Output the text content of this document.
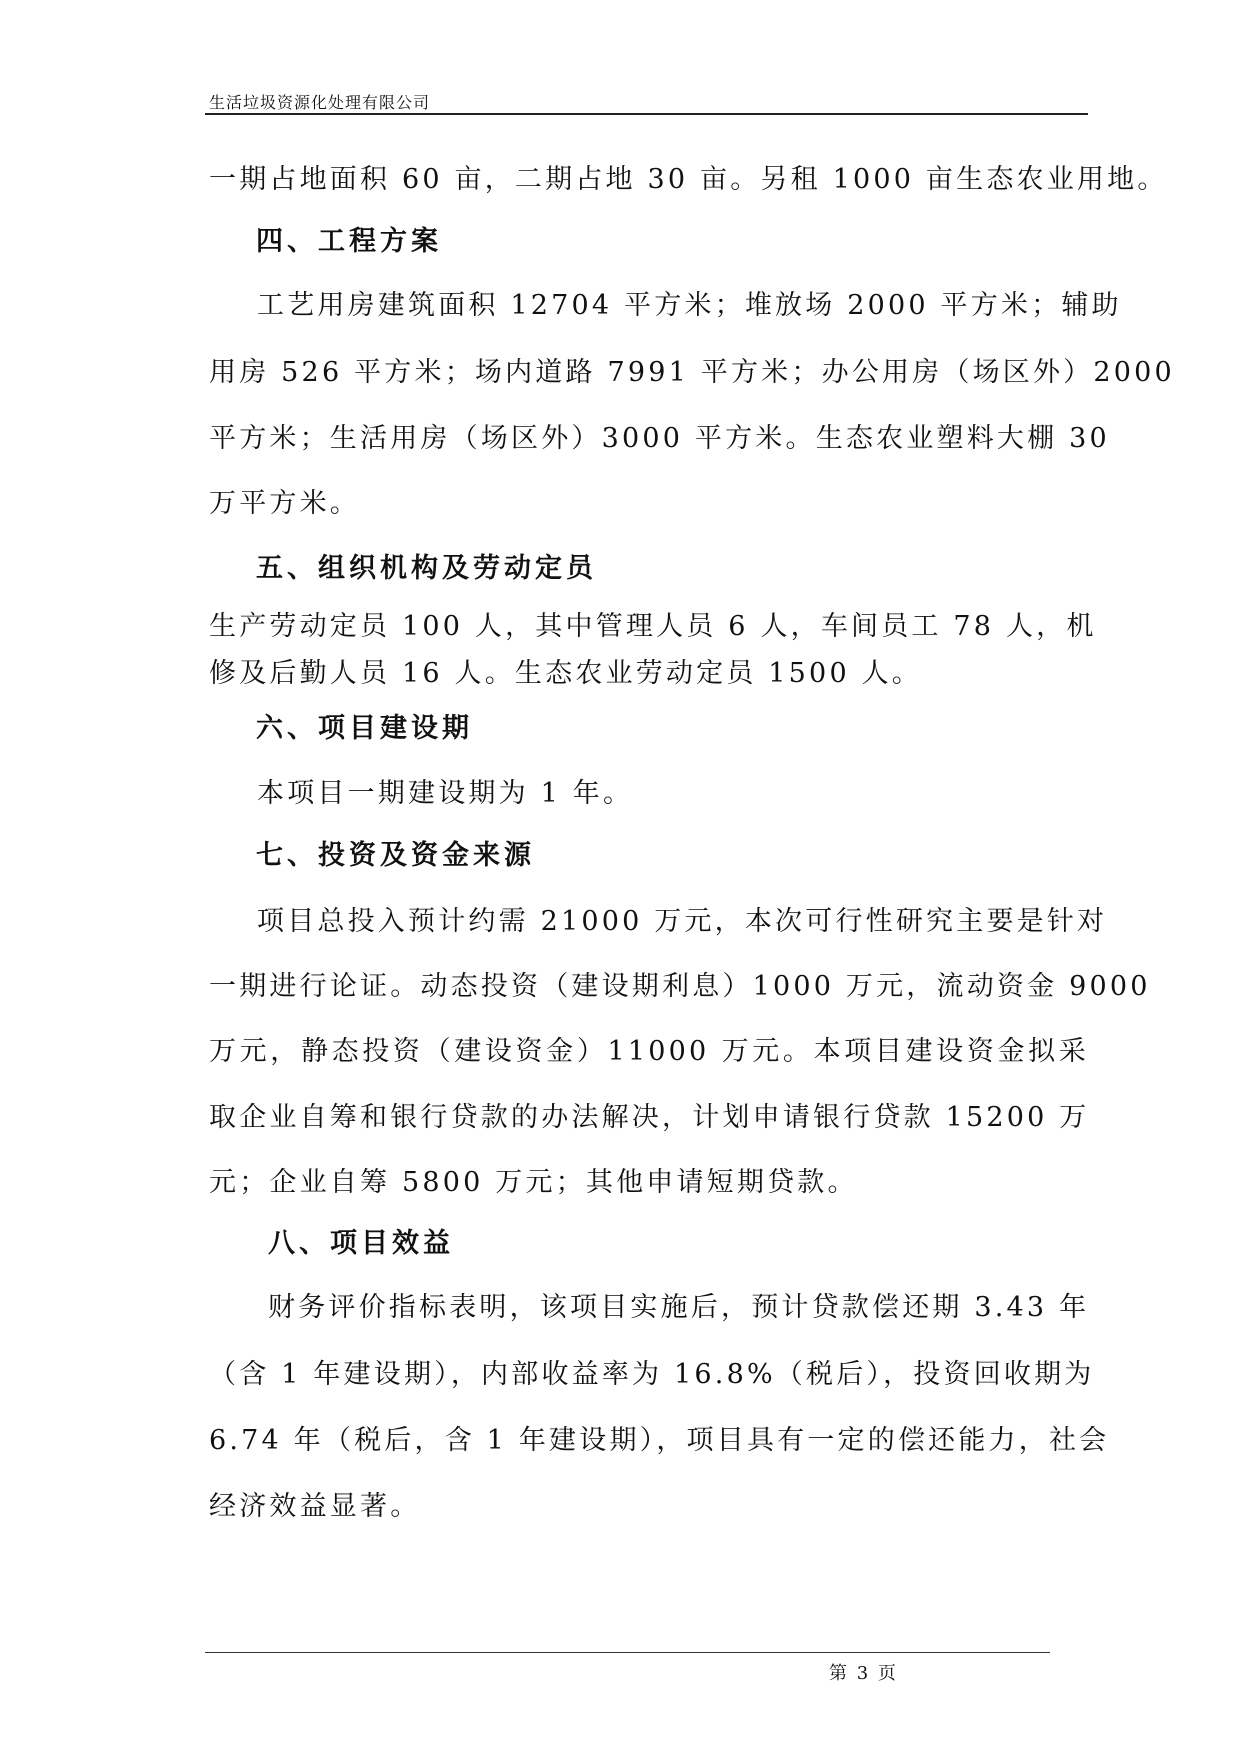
生活垃圾资源化处理有限公司
一期占地面积 60 亩，二期占地 30 亩。另租 1000 亩生态农业用地。
四、工程方案
工艺用房建筑面积 12704 平方米；堆放场 2000 平方米；辅助
用房 526 平方米；场内道路 7991 平方米；办公用房（场区外）2000
平方米；生活用房（场区外）3000 平方米。生态农业塑料大棚 30
万平方米。
五、组织机构及劳动定员
生产劳动定员 100 人，其中管理人员 6 人，车间员工 78 人，机
修及后勤人员 16 人。生态农业劳动定员 1500 人。
六、项目建设期
本项目一期建设期为 1 年。
七、投资及资金来源
项目总投入预计约需 21000 万元，本次可行性研究主要是针对
一期进行论证。动态投资（建设期利息）1000 万元，流动资金 9000
万元，静态投资（建设资金）11000 万元。本项目建设资金拟采
取企业自筹和银行贷款的办法解决，计划申请银行贷款 15200 万
元；企业自筹 5800 万元；其他申请短期贷款。
八、项目效益
财务评价指标表明，该项目实施后，预计贷款偿还期 3.43 年
（含 1 年建设期），内部收益率为 16.8%（税后），投资回收期为
6.74 年（税后，含 1 年建设期），项目具有一定的偿还能力，社会
经济效益显著。
第 3 页
